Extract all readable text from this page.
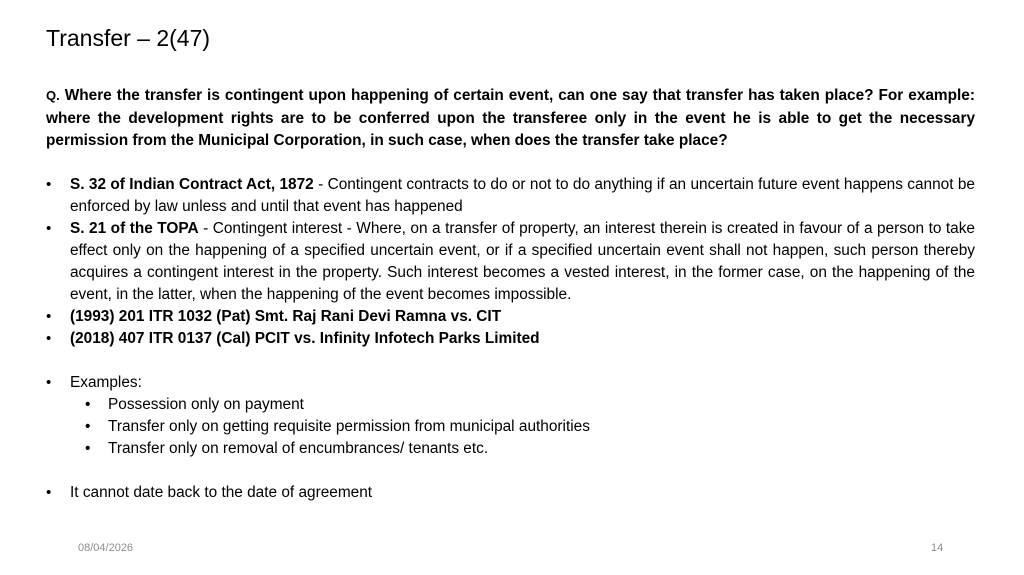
Transfer – 2(47)
Q. Where the transfer is contingent upon happening of certain event, can one say that transfer has taken place? For example: where the development rights are to be conferred upon the transferee only in the event he is able to get the necessary permission from the Municipal Corporation, in such case, when does the transfer take place?
• S. 32 of Indian Contract Act, 1872 - Contingent contracts to do or not to do anything if an uncertain future event happens cannot be enforced by law unless and until that event has happened
• S. 21 of the TOPA - Contingent interest - Where, on a transfer of property, an interest therein is created in favour of a person to take effect only on the happening of a specified uncertain event, or if a specified uncertain event shall not happen, such person thereby acquires a contingent interest in the property. Such interest becomes a vested interest, in the former case, on the happening of the event, in the latter, when the happening of the event becomes impossible.
• (1993) 201 ITR 1032 (Pat) Smt. Raj Rani Devi Ramna vs. CIT
• (2018) 407 ITR 0137 (Cal) PCIT vs. Infinity Infotech Parks Limited
• Examples:
• Possession only on payment
• Transfer only on getting requisite permission from municipal authorities
• Transfer only on removal of encumbrances/ tenants etc.
• It cannot date back to the date of agreement
08/04/2026	14
